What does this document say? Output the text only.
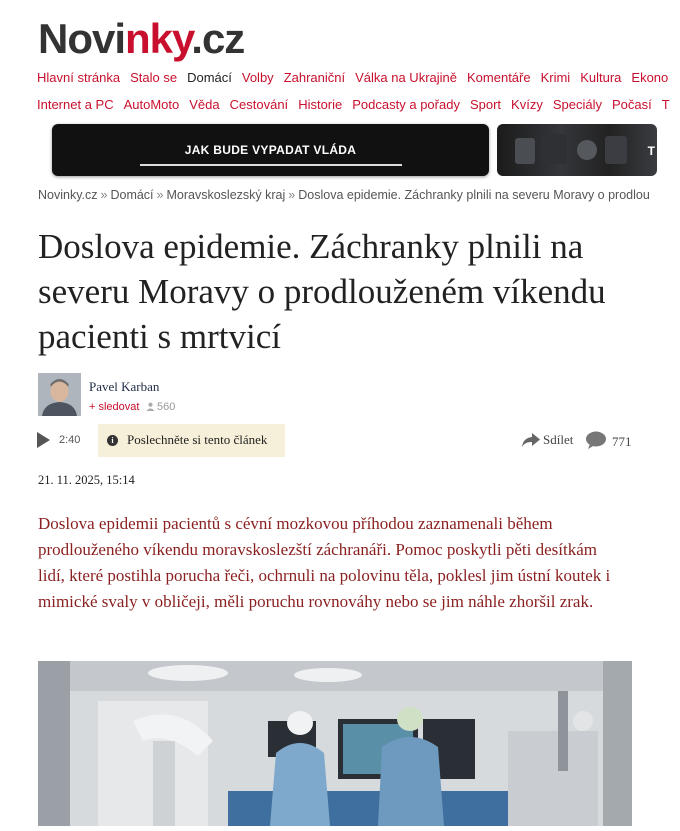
Novinky.cz
Hlavní stránka Stalo se Domácí Volby Zahraniční Válka na Ukrajině Komentáře Krimi Kultura Ekono
Internet a PC AutoMoto Věda Cestování Historie Podcasty a pořady Sport Kvízy Speciály Počasí T
JAK BUDE VYPADAT VLÁDA	T
Novinky.cz » Domácí » Moravskoslezský kraj » Doslova epidemie. Záchranky plnili na severu Moravy o prodlou
Doslova epidemie. Záchranky plnili na severu Moravy o prodlouženém víkendu pacienti s mrtvicí
Pavel Karban
+ sledovat	560
2:40	i	Poslechněte si tento článek	Sdílet	771
21. 11. 2025, 15:14

Doslova epidemii pacientů s cévní mozkovou příhodou zaznamenali během prodlouženého víkendu moravskoslezští záchranáři. Pomoc poskytli pěti desítkám lidí, které postihla porucha řeči, ochrnuli na polovinu těla, poklesl jim ústní koutek i mimické svaly v obličeji, měli poruchu rovnováhy nebo se jim náhle zhoršil zrak.
